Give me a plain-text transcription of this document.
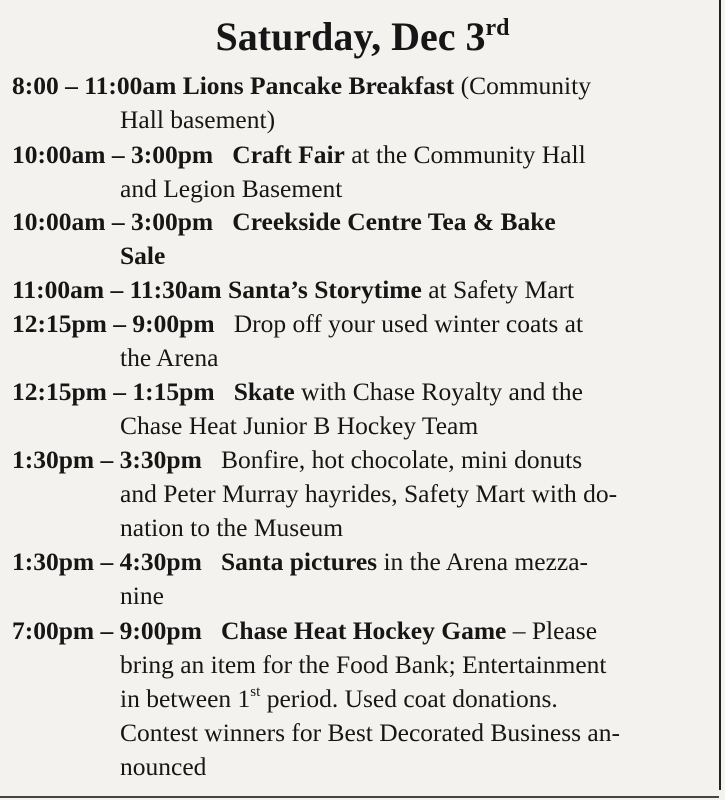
Saturday, Dec 3rd
8:00 – 11:00am Lions Pancake Breakfast (Community
Hall basement)
10:00am – 3:00pm Craft Fair at the Community Hall
and Legion Basement
10:00am – 3:00pm Creekside Centre Tea & Bake
Sale
11:00am – 11:30am Santa’s Storytime at Safety Mart
12:15pm – 9:00pm Drop off your used winter coats at
the Arena
12:15pm – 1:15pm Skate with Chase Royalty and the
Chase Heat Junior B Hockey Team
1:30pm – 3:30pm Bonfire, hot chocolate, mini donuts
and Peter Murray hayrides, Safety Mart with do-
nation to the Museum
1:30pm – 4:30pm Santa pictures in the Arena mezza-
nine
7:00pm – 9:00pm Chase Heat Hockey Game – Please
bring an item for the Food Bank; Entertainment
in between 1st period. Used coat donations.
Contest winners for Best Decorated Business an-
nounced
